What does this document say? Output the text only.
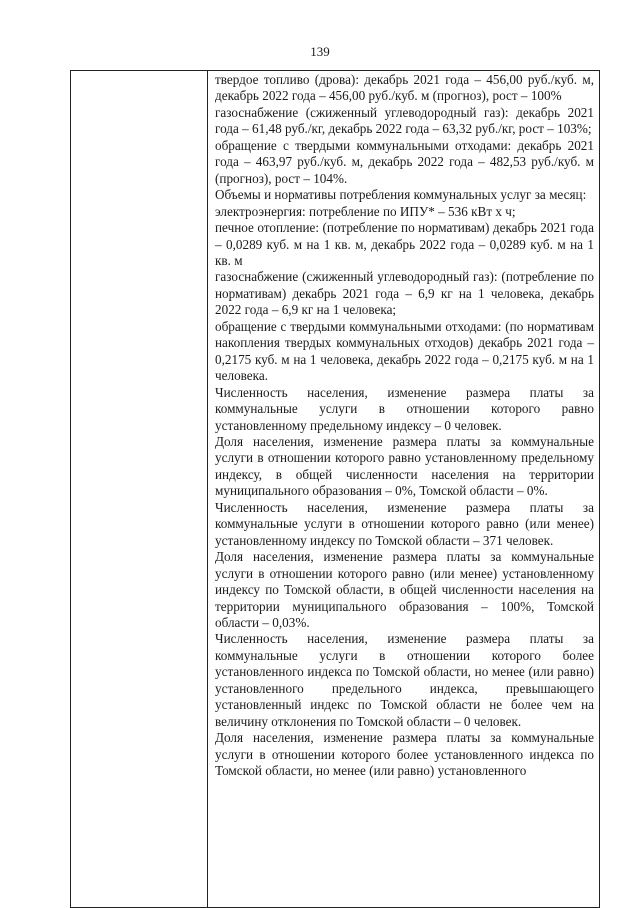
139

твердое топливо (дрова): декабрь 2021 года – 456,00 руб./куб. м, декабрь 2022 года – 456,00 руб./куб. м (прогноз), рост – 100%

газоснабжение (сжиженный углеводородный газ): декабрь 2021 года – 61,48 руб./кг, декабрь 2022 года – 63,32 руб./кг, рост – 103%;

обращение с твердыми коммунальными отходами: декабрь 2021 года – 463,97 руб./куб. м, декабрь 2022 года – 482,53 руб./куб. м (прогноз), рост – 104%.

Объемы и нормативы потребления коммунальных услуг за месяц:

электроэнергия: потребление по ИПУ* – 536 кВт х ч;

печное отопление: (потребление по нормативам) декабрь 2021 года – 0,0289 куб. м на 1 кв. м, декабрь 2022 года – 0,0289 куб. м на 1 кв. м

газоснабжение (сжиженный углеводородный газ): (потребление по нормативам) декабрь 2021 года – 6,9 кг на 1 человека, декабрь 2022 года – 6,9 кг на 1 человека;

обращение с твердыми коммунальными отходами: (по нормативам накопления твердых коммунальных отходов) декабрь 2021 года – 0,2175 куб. м на 1 человека, декабрь 2022 года – 0,2175 куб. м на 1 человека.

Численность населения, изменение размера платы за коммунальные услуги в отношении которого равно установленному предельному индексу – 0 человек.

Доля населения, изменение размера платы за коммунальные услуги в отношении которого равно установленному предельному индексу, в общей численности населения на территории муниципального образования – 0%, Томской области – 0%.

Численность населения, изменение размера платы за коммунальные услуги в отношении которого равно (или менее) установленному индексу по Томской области – 371 человек.

Доля населения, изменение размера платы за коммунальные услуги в отношении которого равно (или менее) установленному индексу по Томской области, в общей численности населения на территории муниципального образования – 100%, Томской области – 0,03%.

Численность населения, изменение размера платы за коммунальные услуги в отношении которого более установленного индекса по Томской области, но менее (или равно) установленного предельного индекса, превышающего установленный индекс по Томской области не более чем на величину отклонения по Томской области – 0 человек.

Доля населения, изменение размера платы за коммунальные услуги в отношении которого более установленного индекса по Томской области, но менее (или равно) установленного
